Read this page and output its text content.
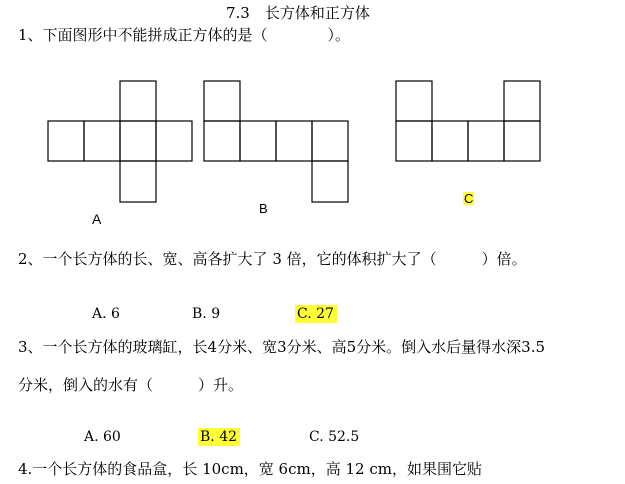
7.3　长方体和正方体
1、下面图形中不能拼成正方体的是（　　　　）。
A
B
C
2、一个长方体的长、宽、高各扩大了 3 倍，它的体积扩大了（　　　）倍。
A. 6	B. 9	C. 27
3、一个长方体的玻璃缸，长4分米、宽3分米、高5分米。倒入水后量得水深3.5
分米，倒入的水有（　　　）升。
A. 60	B. 42	C. 52.5
4.一个长方体的食品盒，长 10cm，宽 6cm，高 12 cm，如果围它贴
